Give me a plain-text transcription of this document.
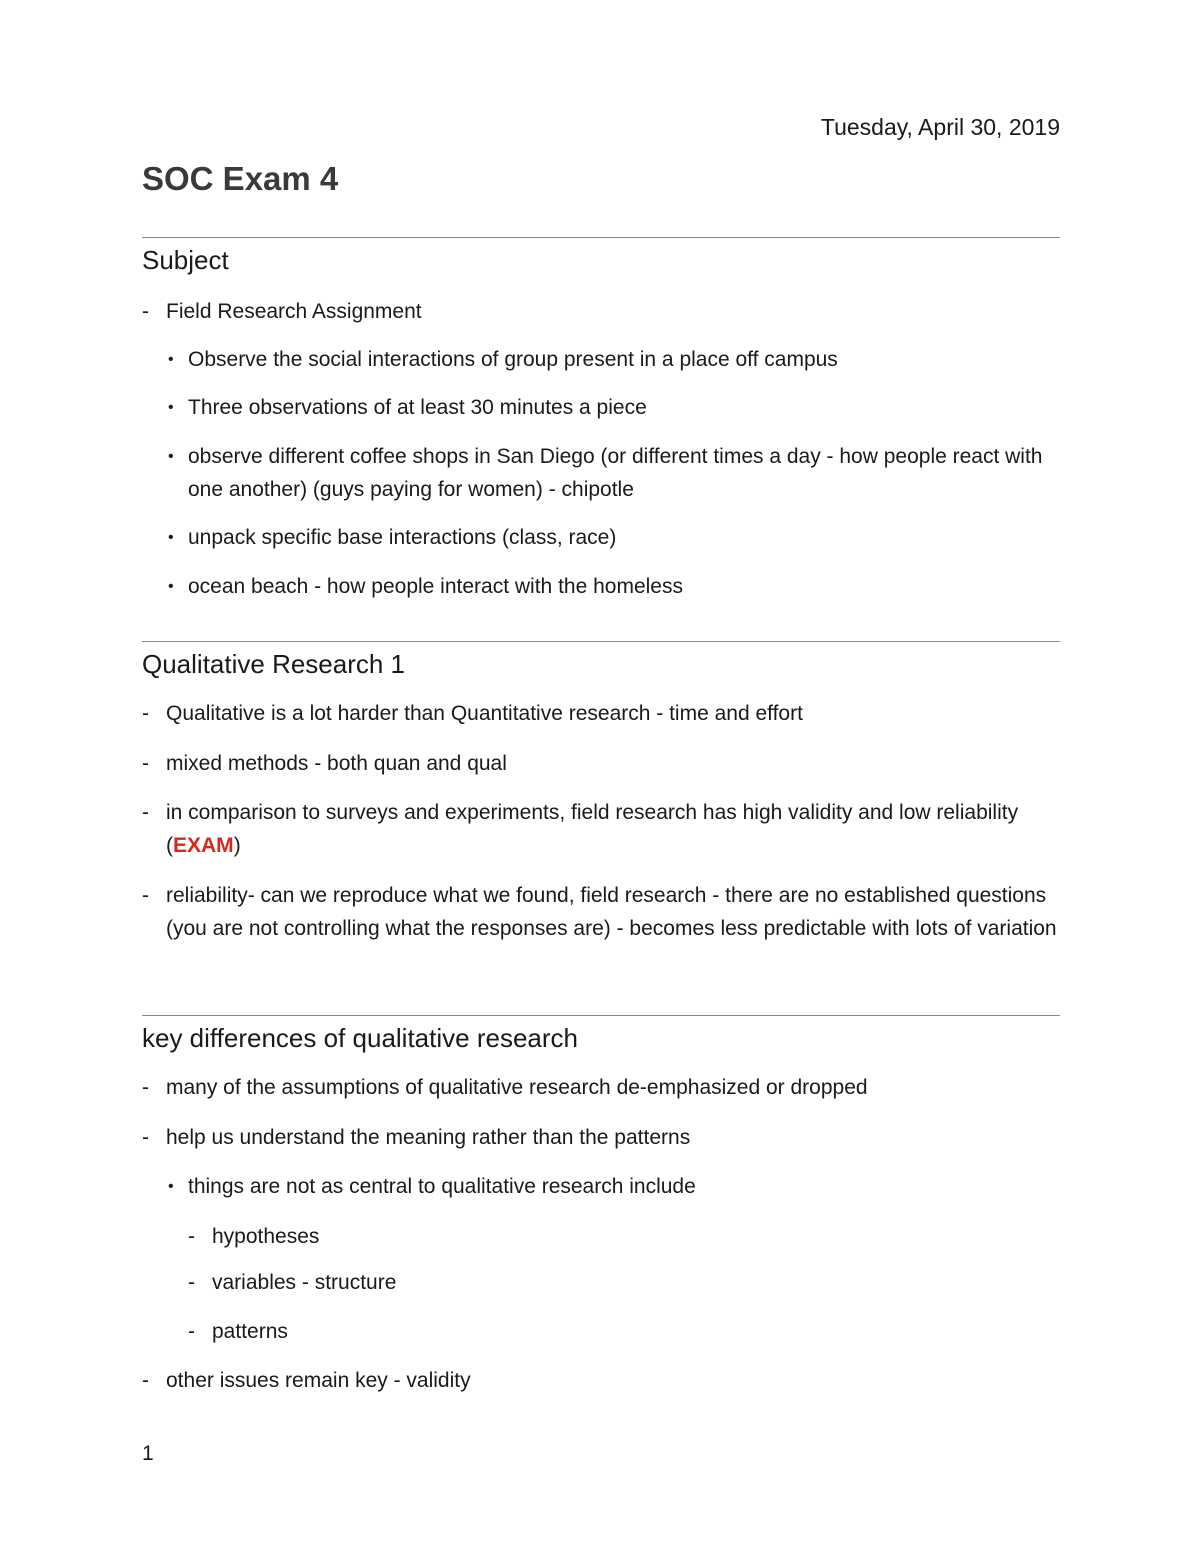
Tuesday, April 30, 2019
SOC Exam 4
Subject
- Field Research Assignment
• Observe the social interactions of group present in a place off campus
• Three observations of at least 30 minutes a piece
• observe different coffee shops in San Diego (or different times a day - how people react with one another) (guys paying for women) - chipotle
• unpack specific base interactions (class, race)
• ocean beach - how people interact with the homeless
Qualitative Research 1
- Qualitative is a lot harder than Quantitative research - time and effort
- mixed methods - both quan and qual
- in comparison to surveys and experiments, field research has high validity and low reliability (EXAM)
- reliability- can we reproduce what we found, field research - there are no established questions (you are not controlling what the responses are) - becomes less predictable with lots of variation
key differences of qualitative research
- many of the assumptions of qualitative research de-emphasized or dropped
- help us understand the meaning rather than the patterns
• things are not as central to qualitative research include
- hypotheses
- variables - structure
- patterns
- other issues remain key - validity
1
